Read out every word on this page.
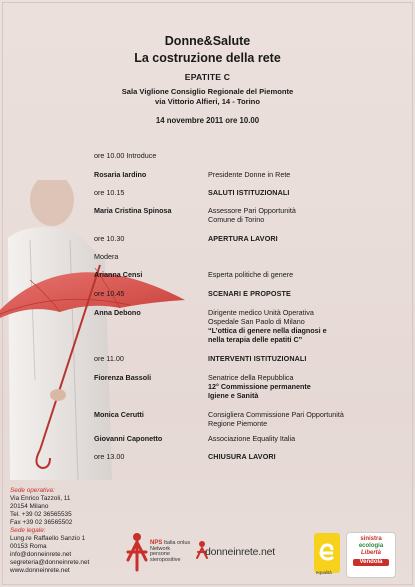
Donne&Salute
La costruzione della rete
EPATITE C
Sala Viglione Consiglio Regionale del Piemonte
via Vittorio Alfieri, 14 - Torino
14 novembre 2011 ore 10.00
ore 10.00 Introduce
Rosaria Iardino	Presidente Donne in Rete
ore 10.15	SALUTI ISTITUZIONALI
Maria Cristina Spinosa	Assessore Pari Opportunità
Comune di Torino
ore 10.30	APERTURA LAVORI
Modera
Arianna Censi	Esperta politiche di genere
ore 10.45	SCENARI E PROPOSTE
Anna Debono	Dirigente medico Unità Operativa
Ospedale San Paolo di Milano
“L’ottica di genere nella diagnosi e
nella terapia delle epatiti C”
ore 11.00	INTERVENTI ISTITUZIONALI
Fiorenza Bassoli	Senatrice della Repubblica
12° Commissione permanente
Igiene e Sanità
Monica Cerutti	Consigliera Commissione Pari Opportunità
Regione Piemonte
Giovanni Caponetto	Associazione Equality Italia
ore 13.00	CHIUSURA LAVORI
Sede operativa:
Via Enrico Tazzoli, 11
20154 Milano
Tel. +39 02 36565535
Fax +39 02 36565502
Sede legale:
Lung.re Raffaello Sanzio 1
00153 Roma
info@donneinrete.net
segreteria@donneinrete.net
www.donneinrete.net
NPS Italia onlus
Network
persone
sieropositive
donneinrete.net
equalità
sinistra
ecologia
Libertà
Vendola
